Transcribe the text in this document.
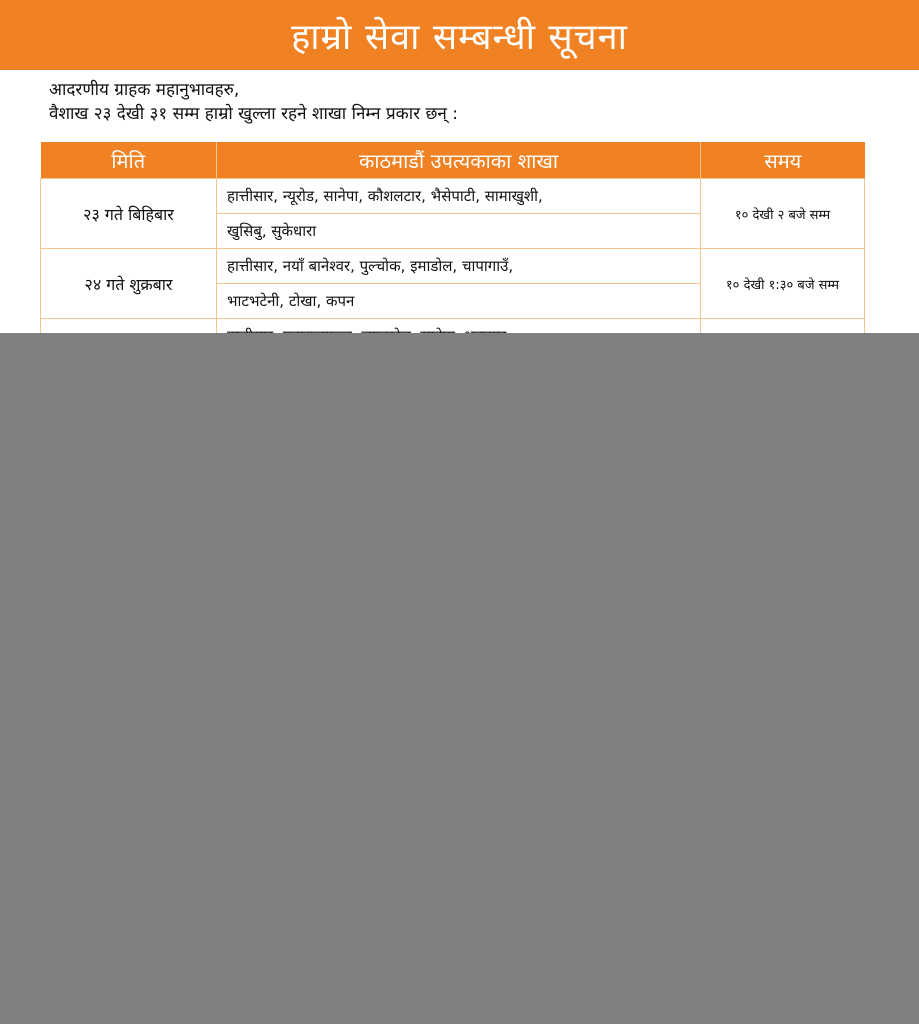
हाम्रो सेवा सम्बन्धी सूचना
आदरणीय ग्राहक महानुभावहरु,
वैशाख २३ देखी ३१ सम्म हाम्रो खुल्ला रहने शाखा निम्न प्रकार छन् :
मिति	काठमाडौं उपत्यकाका शाखा	समय
२३ गते बिहिबार	हात्तीसार, न्यूरोड, सानेपा, कौशलटार, भैसेपाटी, सामाखुशी,	१० देखी २ बजे सम्म
	खुसिबु, सुकेधारा	
२४ गते शुक्रबार	हात्तीसार, नयाँ बानेश्वर, पुल्चोक, इमाडोल, चापागाउँ,	१० देखी १:३० बजे सम्म
	भाटभटेनी, टोखा, कपन	
